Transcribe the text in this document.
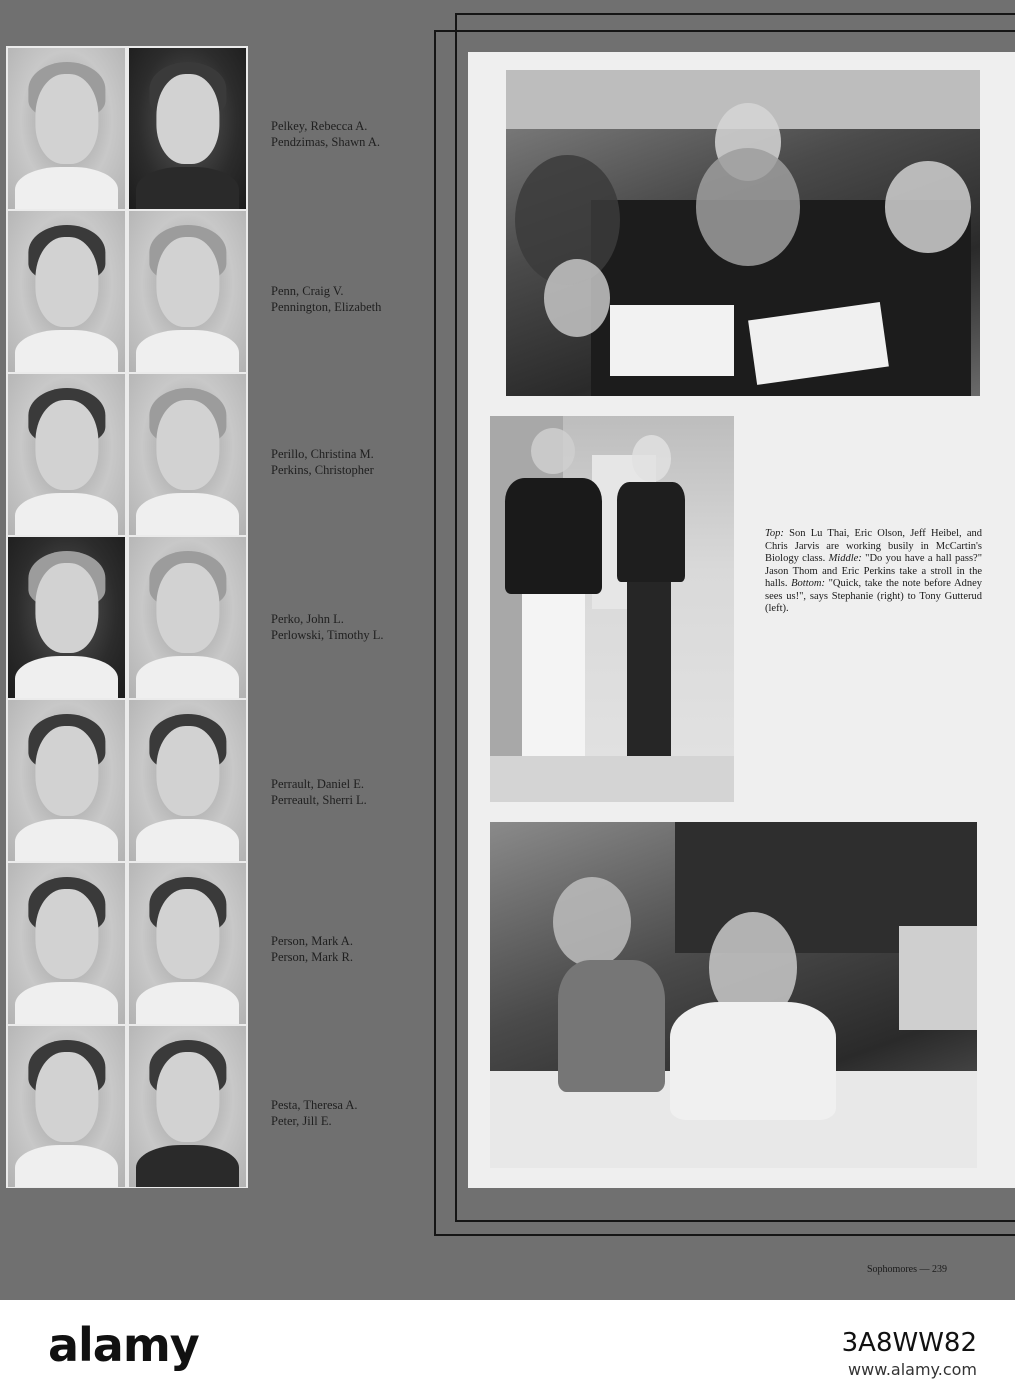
Pelkey, Rebecca A.
Pendzimas, Shawn A.
Penn, Craig V.
Pennington, Elizabeth
Perillo, Christina M.
Perkins, Christopher
Perko, John L.
Perlowski, Timothy L.
Perrault, Daniel E.
Perreault, Sherri L.
Person, Mark A.
Person, Mark R.
Pesta, Theresa A.
Peter, Jill E.
Top: Son Lu Thai, Eric Olson, Jeff Heibel, and Chris Jarvis are working busily in McCartin's Biology class. Middle: "Do you have a hall pass?" Jason Thom and Eric Perkins take a stroll in the halls. Bottom: "Quick, take the note before Adney sees us!", says Stephanie (right) to Tony Gutterud (left).
Sophomores — 239
alamy	3A8WW82
www.alamy.com
